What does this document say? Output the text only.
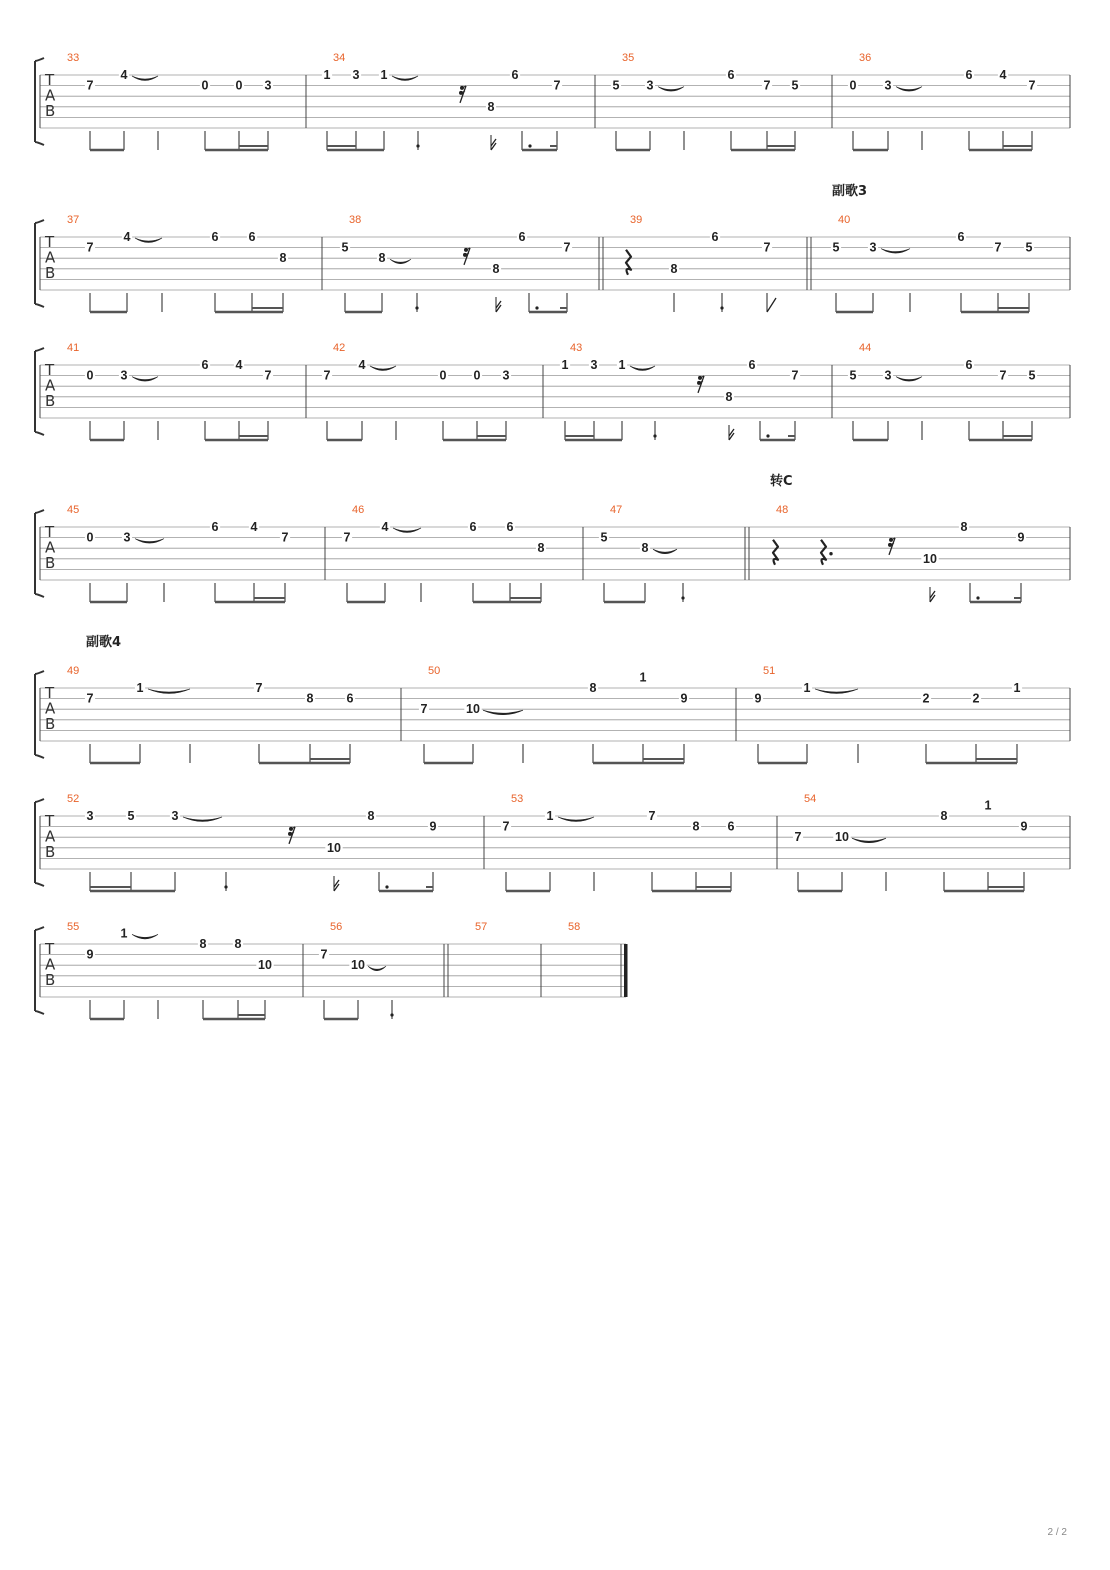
T
A
B
33
7
4
0 0 3
34
1 3 1
8
6
7
35
5 3
6
7 5
36
0 3
6 4
7
T
A
B
副歌3
37
7
4	6 6
8
38
5
8
8
6
7
39
8
6
7
40
5 3
6
7 5
T
A
B
41
0 3
6 4
7
42
7
4
0 0 3
43
1 3 1
8
6
7
44
5 3
6
7 5
T
A
B
转C
45
0 3
6	4
7
46
7
4	6 6
8
47
5
8
48
10
8
9
T
A
B
副歌4
49
7
1	7
8	6
50
7	10
8
1
9
51
9
1
2	2
1
T
A
B
52
3	5	3
10
8
9
53
7
1	7
8 6
54
7	10
8
1
9
T
A
B
55
9
1
8 8
10
56
7
10
57	58
2 / 2
